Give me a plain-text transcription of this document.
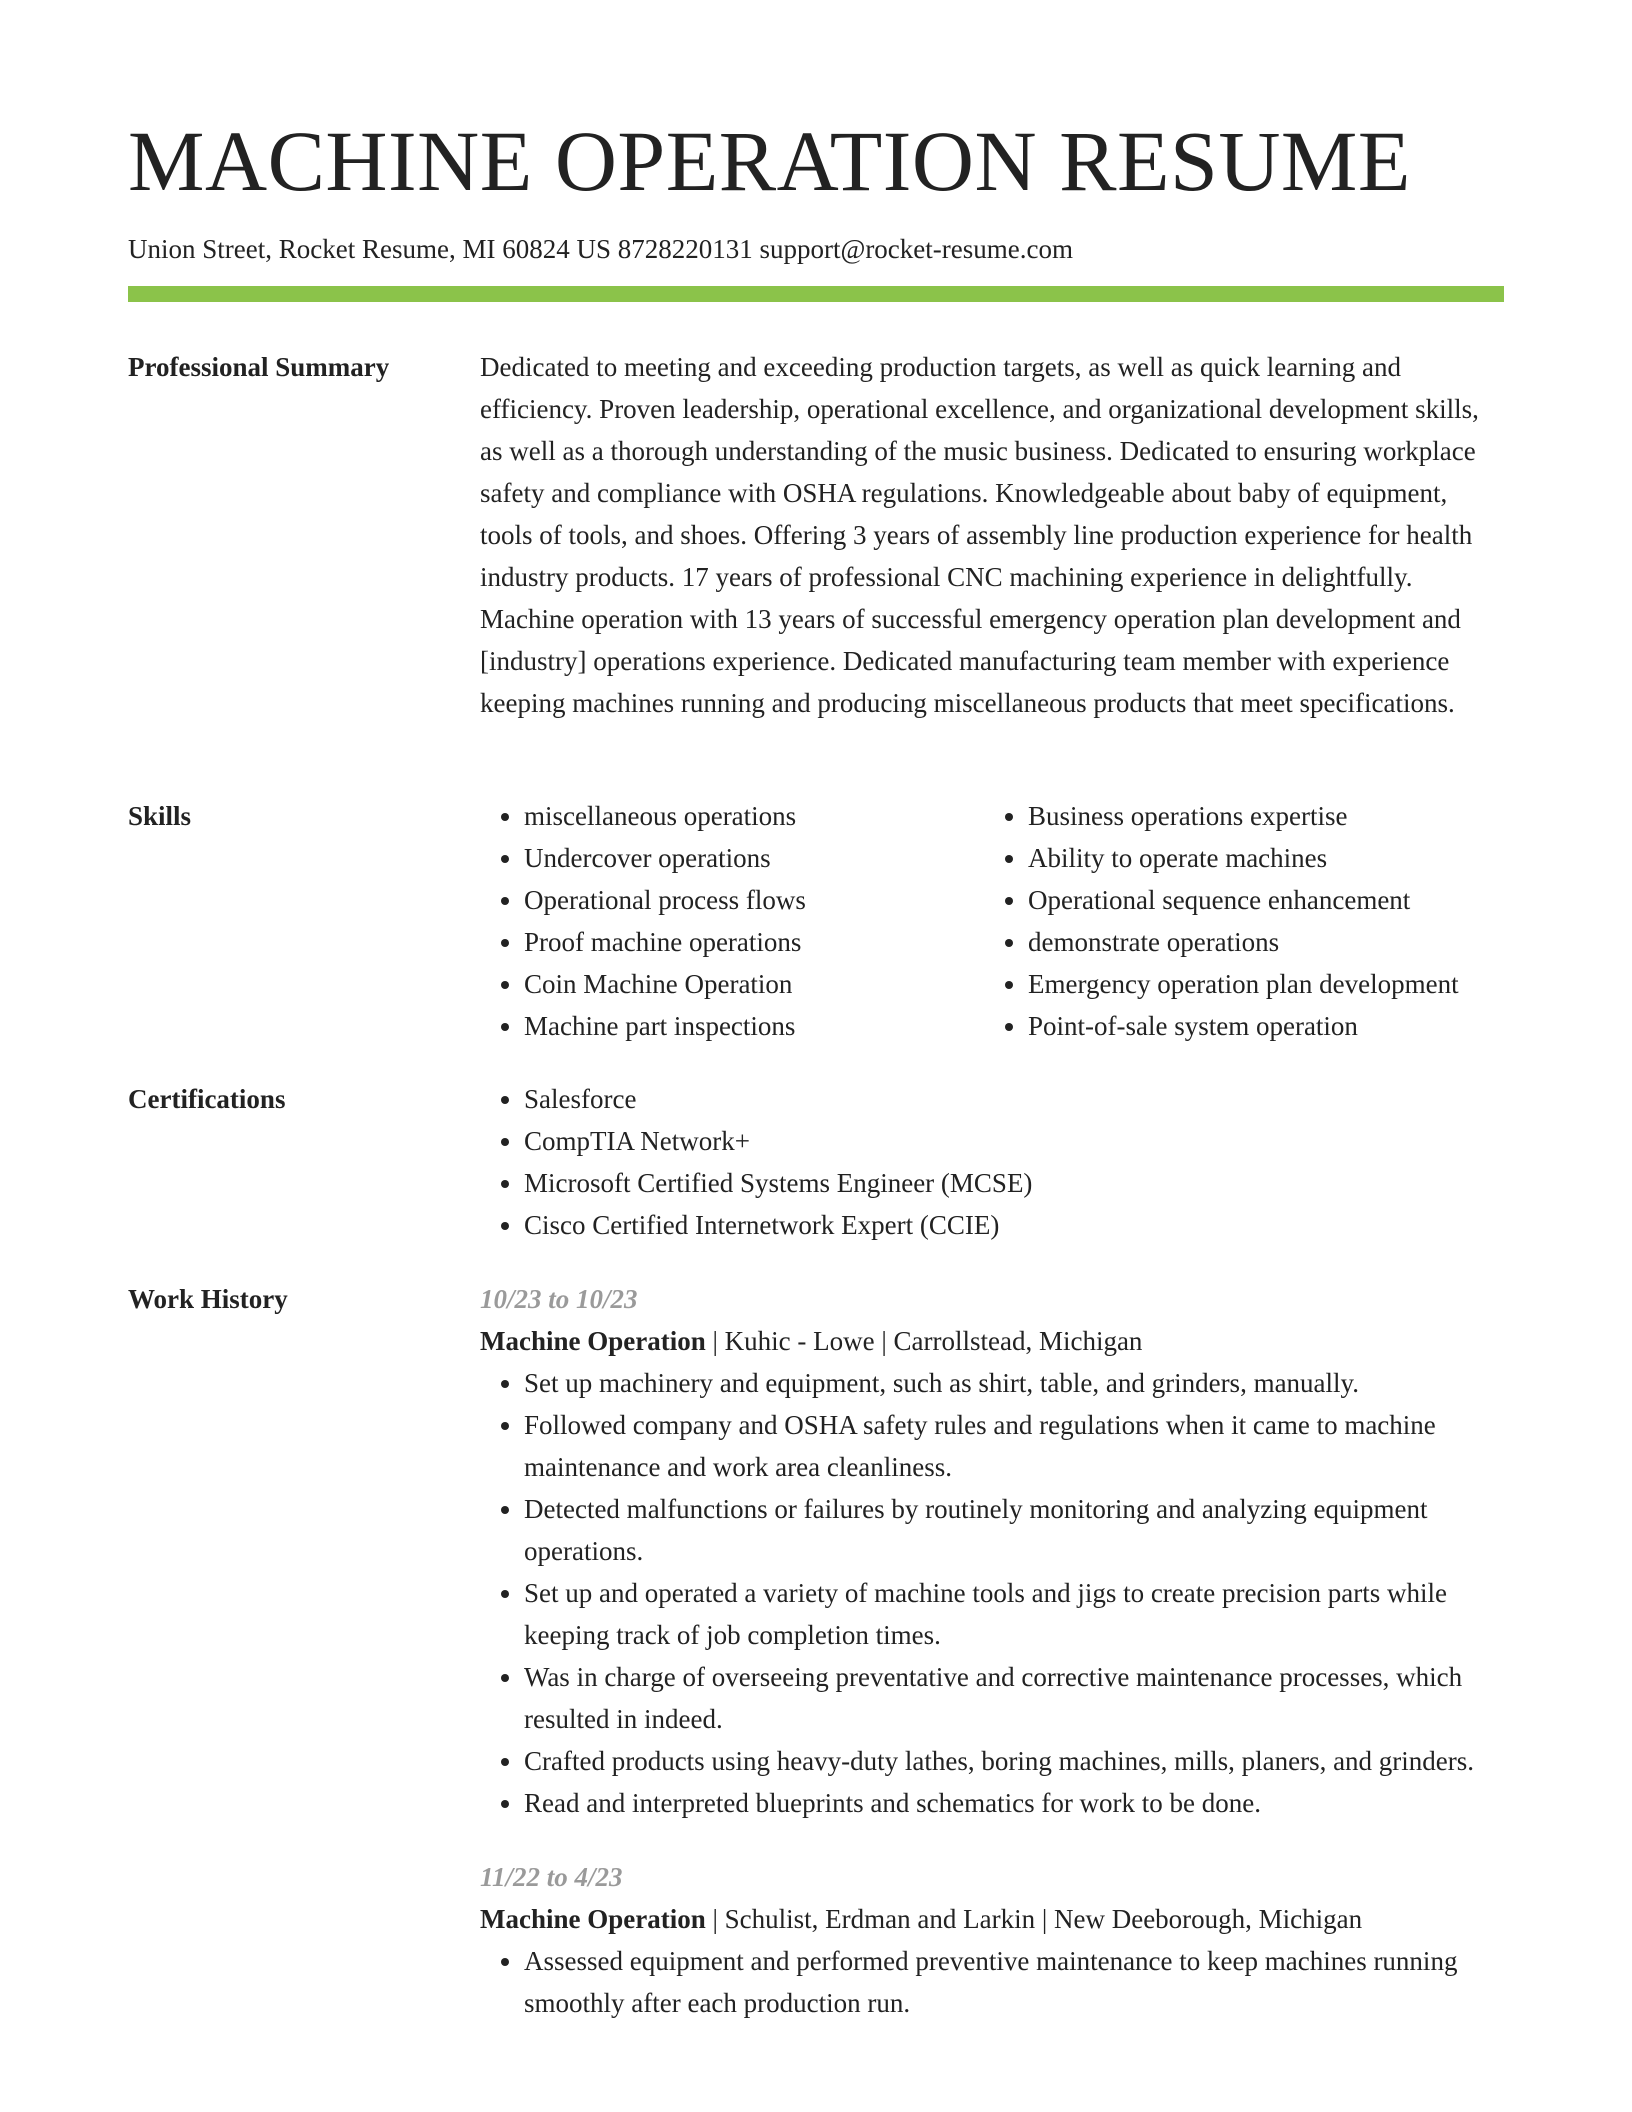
MACHINE OPERATION RESUME
Union Street, Rocket Resume, MI 60824 US 8728220131 support@rocket-resume.com
Professional Summary	Dedicated to meeting and exceeding production targets, as well as quick learning and efficiency. Proven leadership, operational excellence, and organizational development skills, as well as a thorough understanding of the music business. Dedicated to ensuring workplace safety and compliance with OSHA regulations. Knowledgeable about baby of equipment, tools of tools, and shoes. Offering 3 years of assembly line production experience for health industry products. 17 years of professional CNC machining experience in delightfully. Machine operation with 13 years of successful emergency operation plan development and [industry] operations experience. Dedicated manufacturing team member with experience keeping machines running and producing miscellaneous products that meet specifications.

Skills	• miscellaneous operations
• Undercover operations
• Operational process flows
• Proof machine operations
• Coin Machine Operation
• Machine part inspections
• Business operations expertise
• Ability to operate machines
• Operational sequence enhancement
• demonstrate operations
• Emergency operation plan development
• Point-of-sale system operation
Certifications	• Salesforce
• CompTIA Network+
• Microsoft Certified Systems Engineer (MCSE)
• Cisco Certified Internetwork Expert (CCIE)
Work History	10/23 to 10/23
Machine Operation | Kuhic - Lowe | Carrollstead, Michigan
• Set up machinery and equipment, such as shirt, table, and grinders, manually.
• Followed company and OSHA safety rules and regulations when it came to machine maintenance and work area cleanliness.
• Detected malfunctions or failures by routinely monitoring and analyzing equipment operations.
• Set up and operated a variety of machine tools and jigs to create precision parts while keeping track of job completion times.
• Was in charge of overseeing preventative and corrective maintenance processes, which resulted in indeed.
• Crafted products using heavy-duty lathes, boring machines, mills, planers, and grinders.
• Read and interpreted blueprints and schematics for work to be done.
11/22 to 4/23
Machine Operation | Schulist, Erdman and Larkin | New Deeborough, Michigan
• Assessed equipment and performed preventive maintenance to keep machines running smoothly after each production run.
